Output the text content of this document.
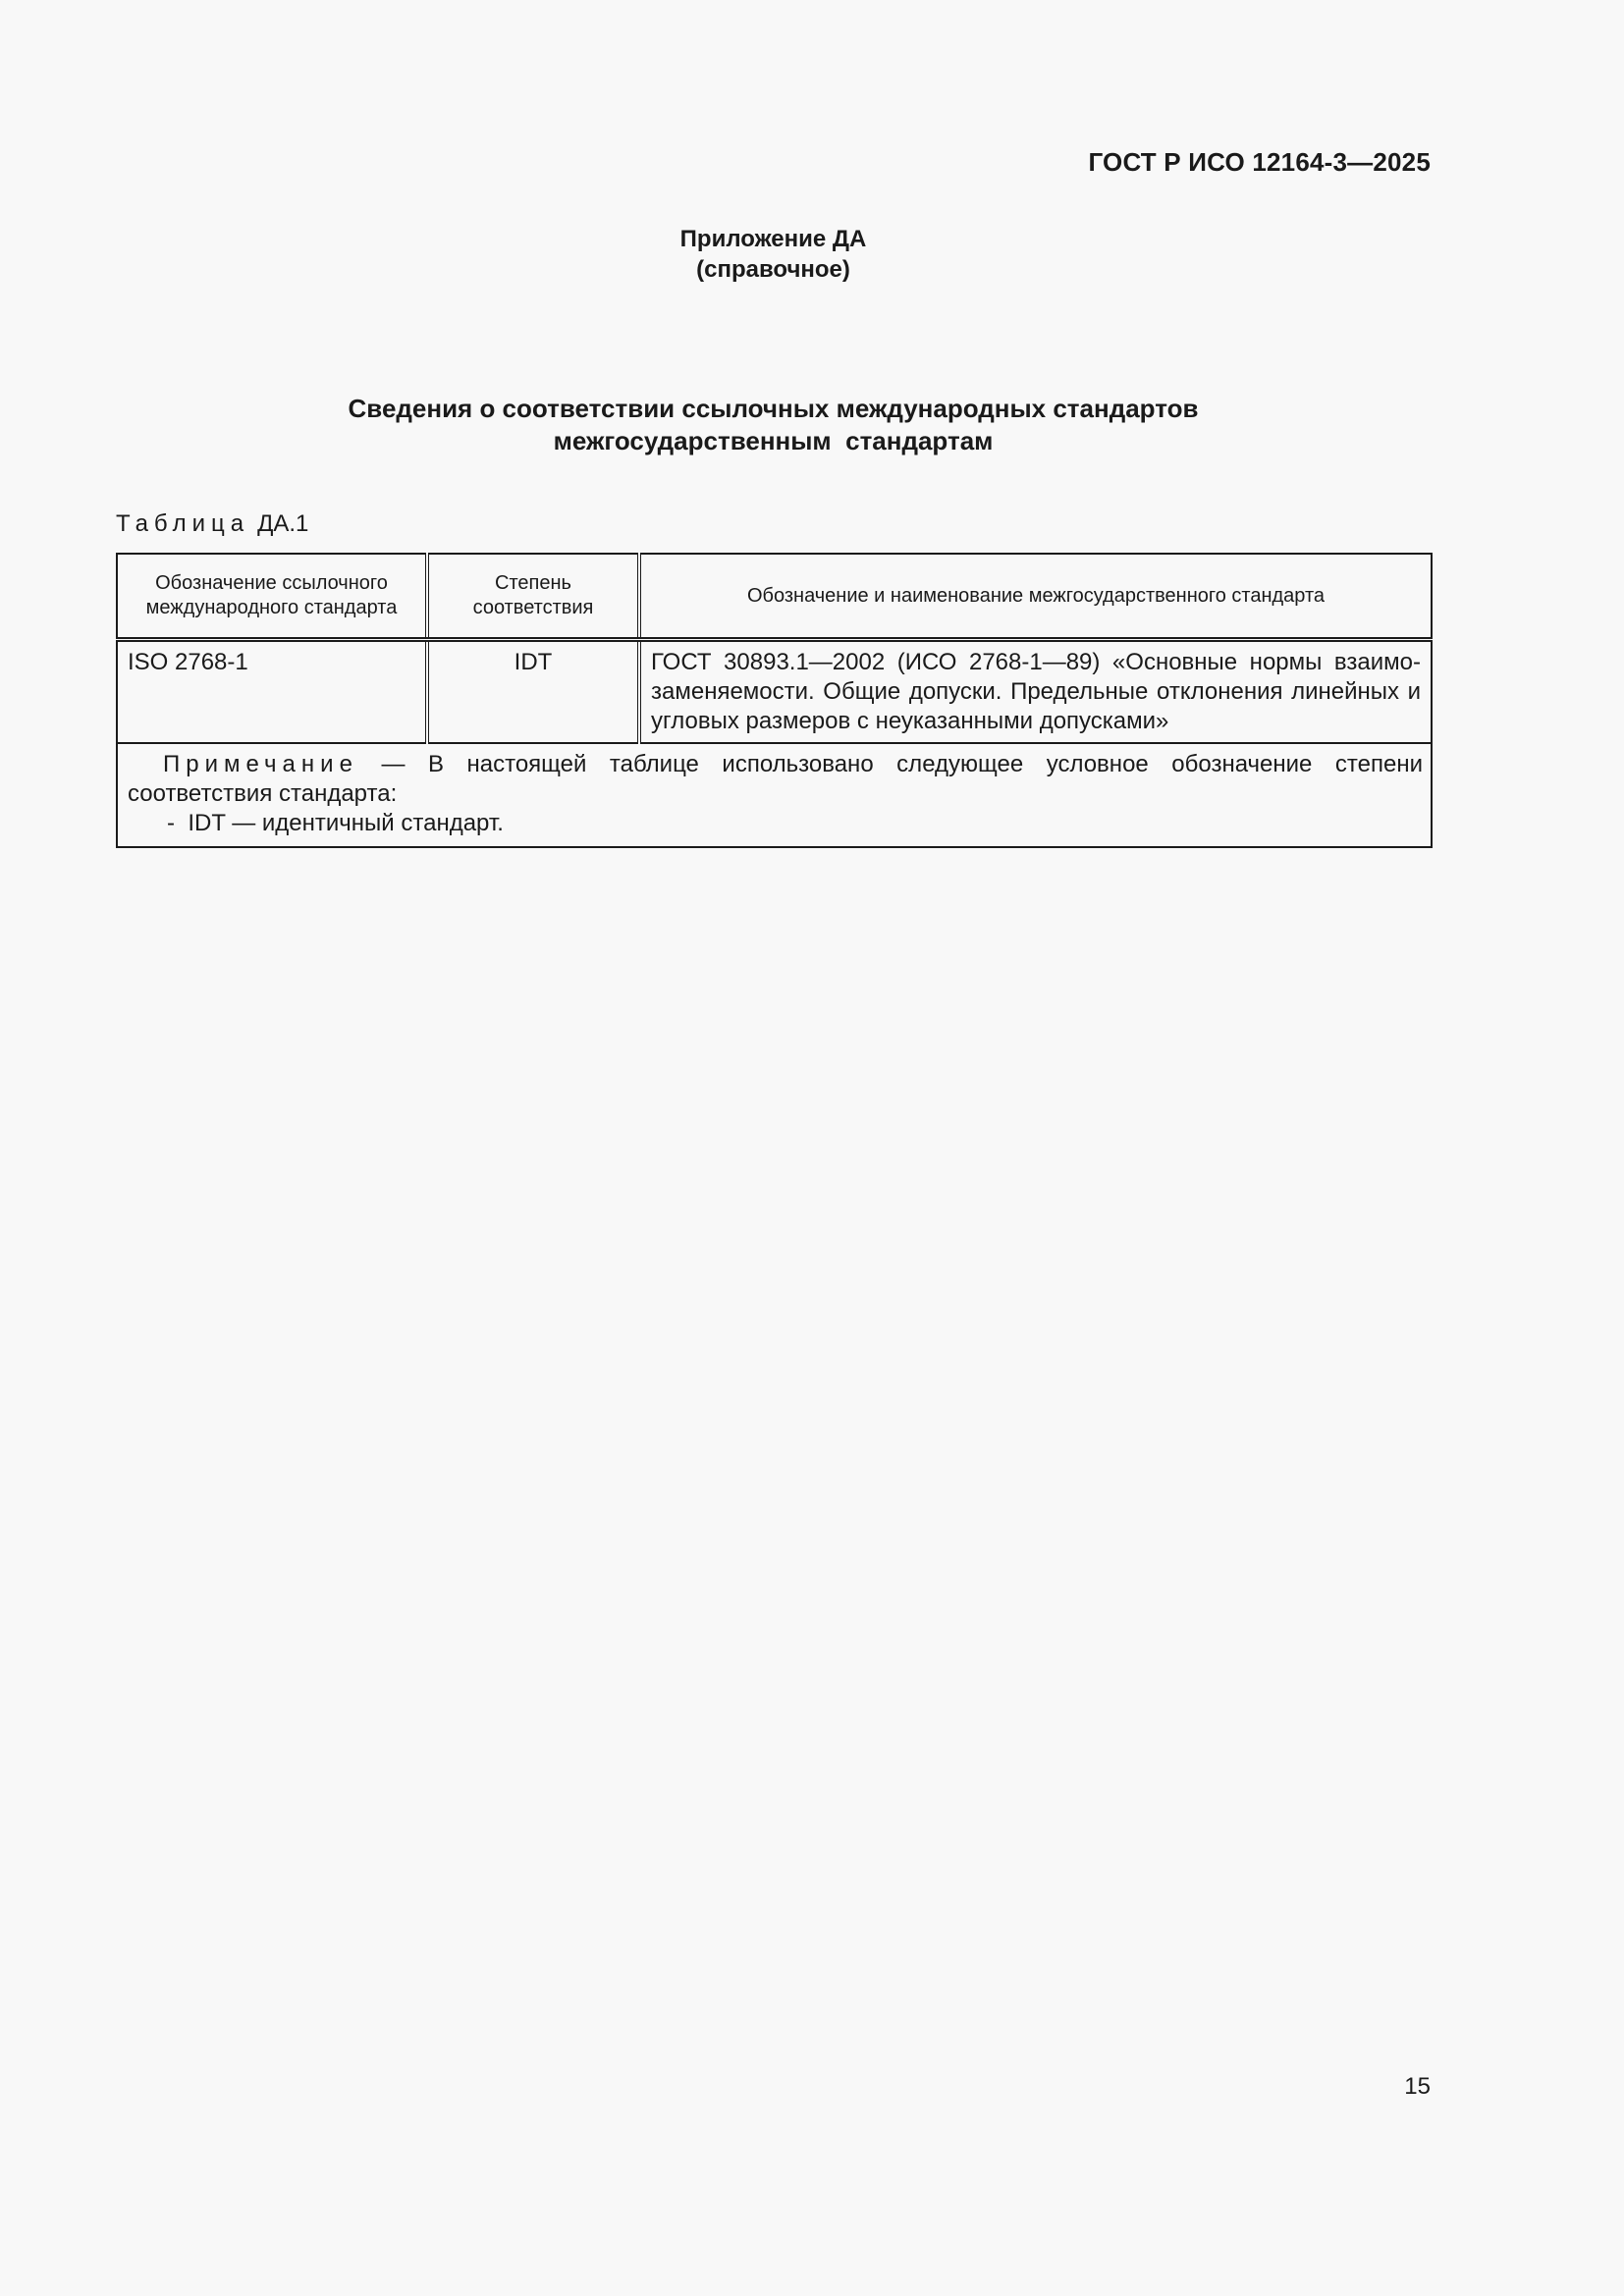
ГОСТ Р ИСО 12164-3—2025
Приложение ДА
(справочное)
Сведения о соответствии ссылочных международных стандартов
межгосударственным  стандартам
Таблица ДА.1
Обозначение ссылочного международного стандарта	Степень соответствия	Обозначение и наименование межгосударственного стандарта
ISO 2768-1	IDT	ГОСТ 30893.1—2002 (ИСО 2768-1—89) «Основные нормы взаимо-заменяемости. Общие допуски. Предельные отклонения линейных и угловых размеров с неуказанными допусками»
Примечание — В настоящей таблице использовано следующее условное обозначение степени соответствия стандарта:
-  IDT — идентичный стандарт.		
15
